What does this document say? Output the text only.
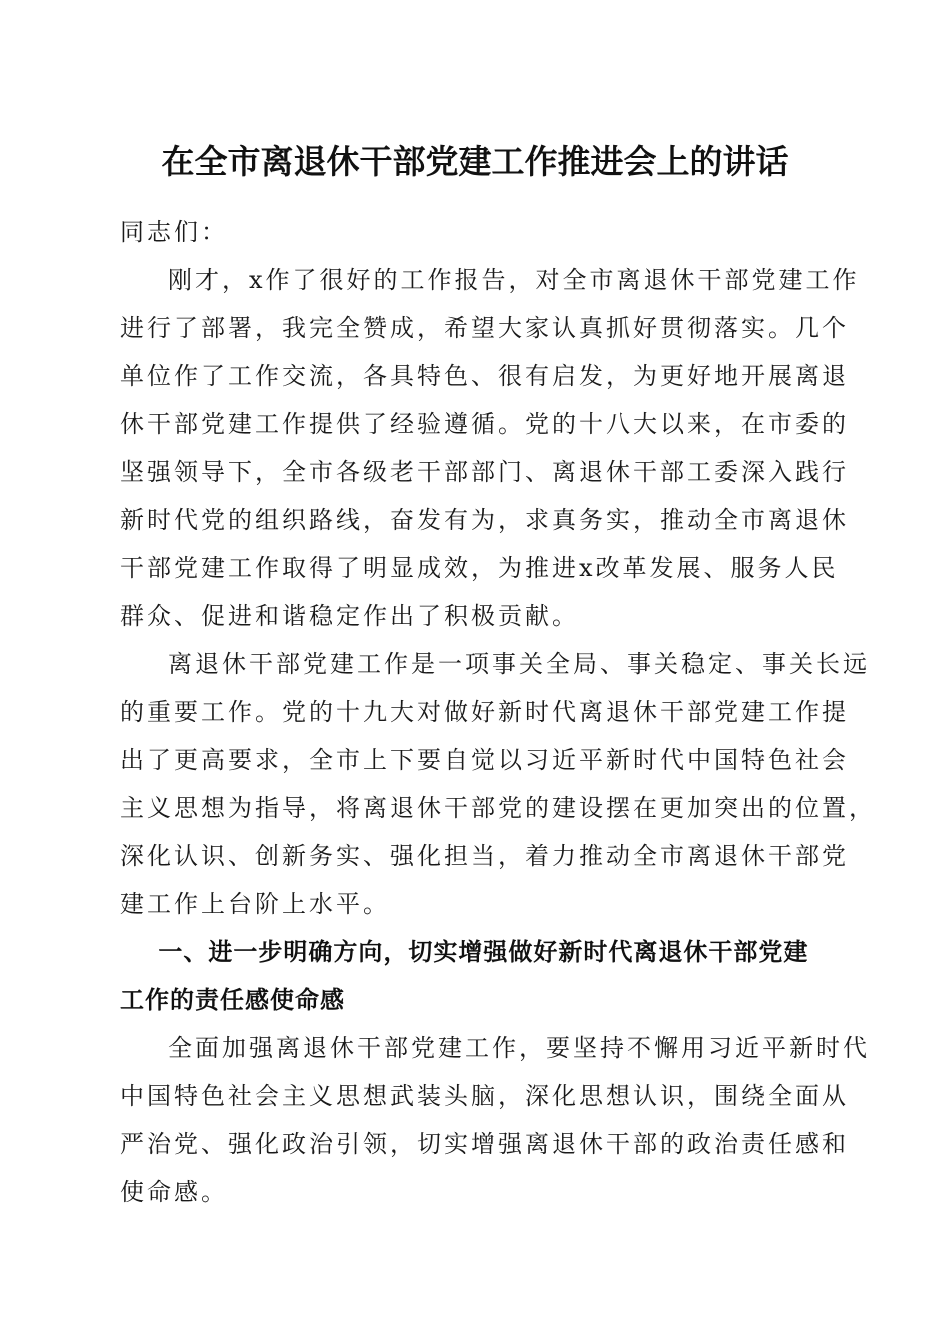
在全市离退休干部党建工作推进会上的讲话

同志们：

刚才，x作了很好的工作报告，对全市离退休干部党建工作
进行了部署，我完全赞成，希望大家认真抓好贯彻落实。几个
单位作了工作交流，各具特色、很有启发，为更好地开展离退
休干部党建工作提供了经验遵循。党的十八大以来，在市委的
坚强领导下，全市各级老干部部门、离退休干部工委深入践行
新时代党的组织路线，奋发有为，求真务实，推动全市离退休
干部党建工作取得了明显成效，为推进x改革发展、服务人民
群众、促进和谐稳定作出了积极贡献。

离退休干部党建工作是一项事关全局、事关稳定、事关长远
的重要工作。党的十九大对做好新时代离退休干部党建工作提
出了更高要求，全市上下要自觉以习近平新时代中国特色社会
主义思想为指导，将离退休干部党的建设摆在更加突出的位置，
深化认识、创新务实、强化担当，着力推动全市离退休干部党
建工作上台阶上水平。

一、进一步明确方向，切实增强做好新时代离退休干部党建
工作的责任感使命感

全面加强离退休干部党建工作，要坚持不懈用习近平新时代
中国特色社会主义思想武装头脑，深化思想认识，围绕全面从
严治党、强化政治引领，切实增强离退休干部的政治责任感和
使命感。
